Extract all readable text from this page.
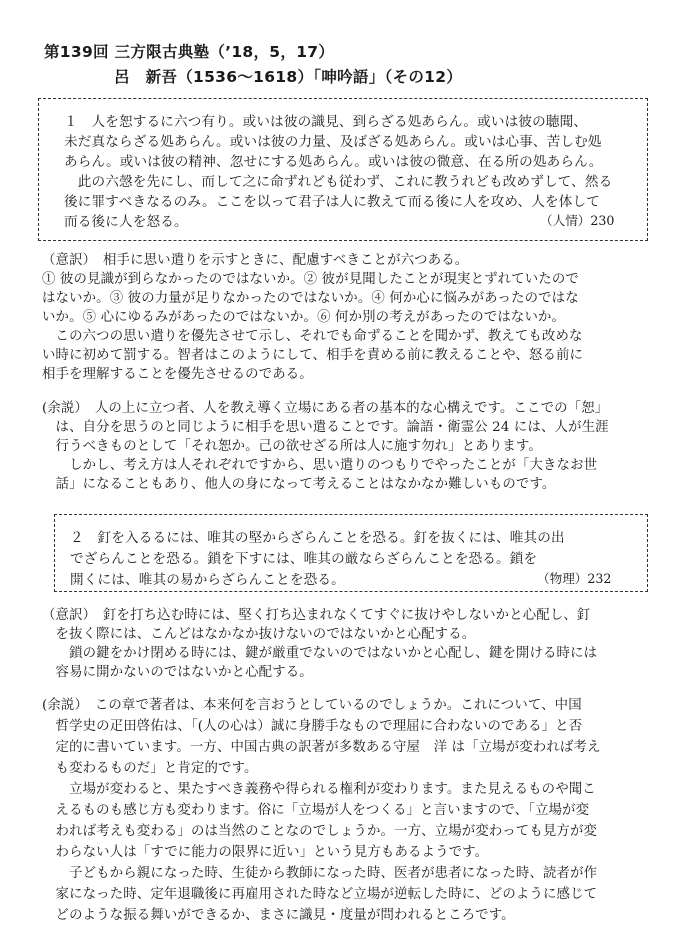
第139回 三方限古典塾（’18，5，17）
呂　新吾（1536～1618）「呻吟語」（その12）
１　人を恕するに六つ有り。或いは彼の識見、到らざる処あらん。或いは彼の聴聞、
未だ真ならざる処あらん。或いは彼の力量、及ばざる処あらん。或いは心事、苦しむ処
あらん。或いは彼の精神、忽せにする処あらん。或いは彼の微意、在る所の処あらん。
　此の六愨を先にし、而して之に命ずれども従わず、これに教うれども改めずして、然る
後に罪すべきなるのみ。ここを以って君子は人に教えて而る後に人を攻め、人を体して
而る後に人を怒る。	（人情）230
（意訳）　相手に思い遣りを示すときに、配慮すべきことが六つある。
① 彼の見識が到らなかったのではないか。② 彼が見聞したことが現実とずれていたので
はないか。③ 彼の力量が足りなかったのではないか。④ 何か心に悩みがあったのではな
いか。⑤ 心にゆるみがあったのではないか。⑥ 何か別の考えがあったのではないか。
　この六つの思い遣りを優先させて示し、それでも命ずることを聞かず、教えても改めな
い時に初めて罰する。智者はこのようにして、相手を責める前に教えることや、怒る前に
相手を理解することを優先させるのである。
(余説）　人の上に立つ者、人を教え導く立場にある者の基本的な心構えです。ここでの「恕」
　は、自分を思うのと同じように相手を思い遣ることです。論語・衛霊公 24 には、人が生涯
　行うべきものとして「それ恕か。己の欲せざる所は人に施す勿れ」とあります。
　　しかし、考え方は人それぞれですから、思い遣りのつもりでやったことが「大きなお世
　話」になることもあり、他人の身になって考えることはなかなか難しいものです。
２　釘を入るるには、唯其の堅からざらんことを恐る。釘を抜くには、唯其の出
でざらんことを恐る。鎖を下すには、唯其の厳ならざらんことを恐る。鎖を
開くには、唯其の易からざらんことを恐る。	（物理）232
（意訳）　釘を打ち込む時には、堅く打ち込まれなくてすぐに抜けやしないかと心配し、釘
　を抜く際には、こんどはなかなか抜けないのではないかと心配する。
　　鎖の鍵をかけ閉める時には、鍵が厳重でないのではないかと心配し、鍵を開ける時には
　容易に開かないのではないかと心配する。
(余説）　この章で著者は、本来何を言おうとしているのでしょうか。これについて、中国
　哲学史の疋田啓佑は、「(人の心は）誠に身勝手なもので理屈に合わないのである」と否
　定的に書いています。一方、中国古典の訳著が多数ある守屋　洋 は「立場が変われば考え
　も変わるものだ」と肯定的です。
　　立場が変わると、果たすべき義務や得られる権利が変わります。また見えるものや聞こ
　えるものも感じ方も変わります。俗に「立場が人をつくる」と言いますので、「立場が変
　われば考えも変わる」のは当然のことなのでしょうか。一方、立場が変わっても見方が変
　わらない人は「すでに能力の限界に近い」という見方もあるようです。
　　子どもから親になった時、生徒から教師になった時、医者が患者になった時、読者が作
　家になった時、定年退職後に再雇用された時など立場が逆転した時に、どのように感じて
　どのような振る舞いができるか、まさに識見・度量が問われるところです。
